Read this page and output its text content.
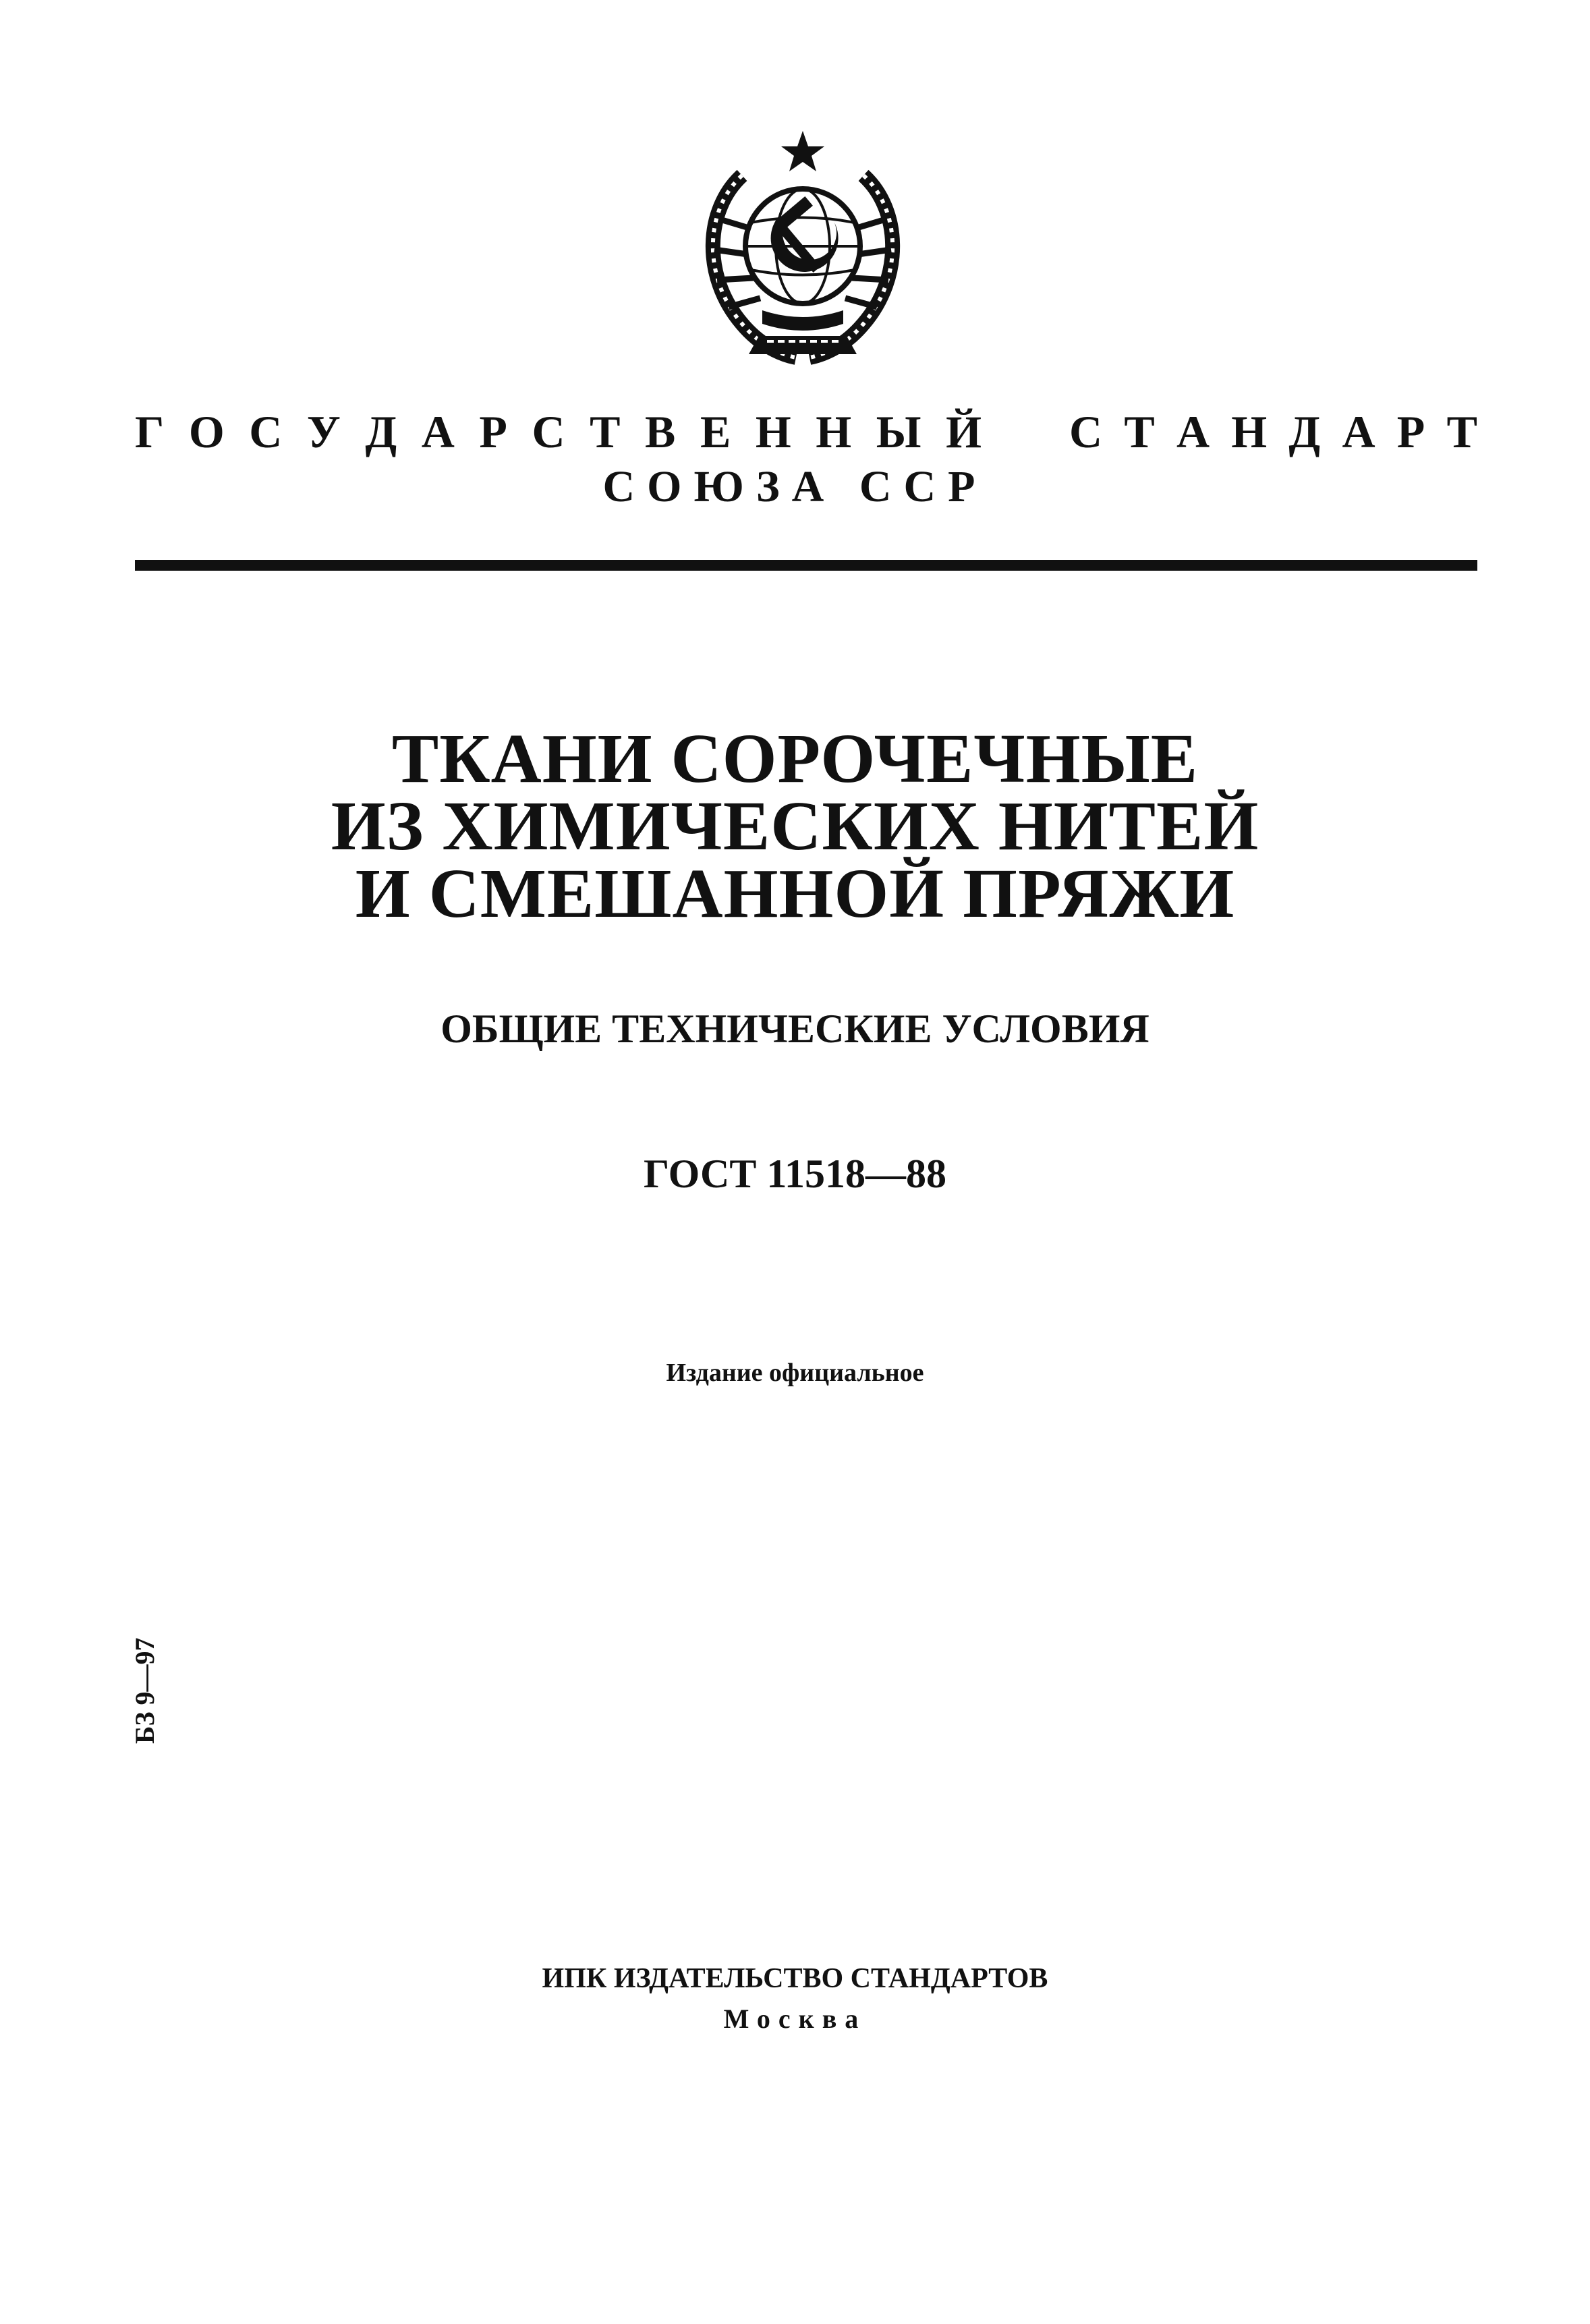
Г О С У Д А Р С Т В Е Н Н Ы Й С Т А Н Д А Р Т
СОЮЗА ССР
ТКАНИ СОРОЧЕЧНЫЕ
ИЗ ХИМИЧЕСКИХ НИТЕЙ
И СМЕШАННОЙ ПРЯЖИ
ОБЩИЕ ТЕХНИЧЕСКИЕ УСЛОВИЯ
ГОСТ 11518—88
Издание официальное
БЗ 9—97
ИПК ИЗДАТЕЛЬСТВО СТАНДАРТОВ
Москва
